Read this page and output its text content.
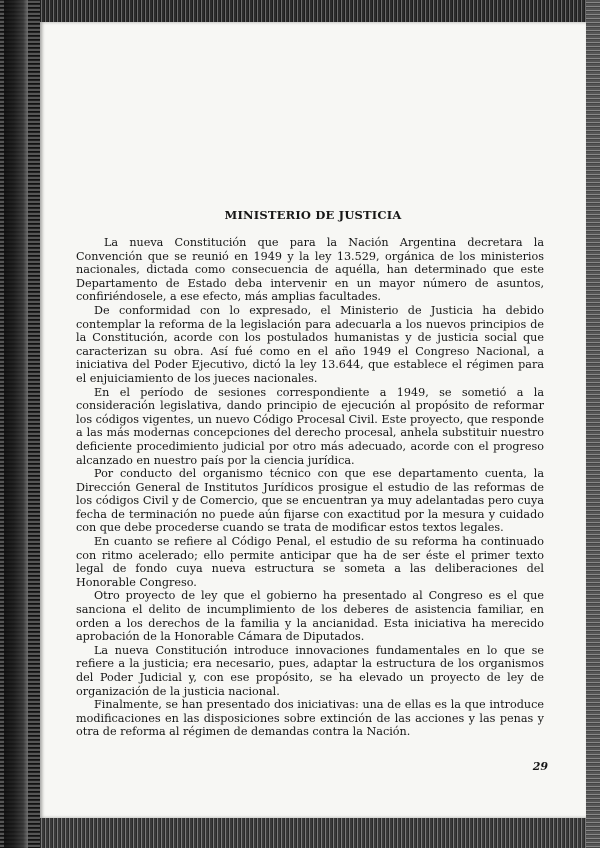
MINISTERIO DE JUSTICIA

La nueva Constitución que para la Nación Argentina decretara la Convención que se reunió en 1949 y la ley 13.529, orgánica de los ministerios nacionales, dictada como consecuencia de aquélla, han determinado que este Departamento de Estado deba intervenir en un mayor número de asuntos, confiriéndosele, a ese efecto, más amplias facultades.

De conformidad con lo expresado, el Ministerio de Justicia ha debido contemplar la reforma de la legislación para adecuarla a los nuevos principios de la Constitución, acorde con los postulados humanistas y de justicia social que caracterizan su obra. Así fué como en el año 1949 el Congreso Nacional, a iniciativa del Poder Ejecutivo, dictó la ley 13.644, que establece el régimen para el enjuiciamiento de los jueces nacionales.

En el período de sesiones correspondiente a 1949, se sometió a la consideración legislativa, dando principio de ejecución al propósito de reformar los códigos vigentes, un nuevo Código Procesal Civil. Este proyecto, que responde a las más modernas concepciones del derecho procesal, anhela substituir nuestro deficiente procedimiento judicial por otro más adecuado, acorde con el progreso alcanzado en nuestro país por la ciencia jurídica.

Por conducto del organismo técnico con que ese departamento cuenta, la Dirección General de Institutos Jurídicos prosigue el estudio de las reformas de los códigos Civil y de Comercio, que se encuentran ya muy adelantadas pero cuya fecha de terminación no puede aún fijarse con exactitud por la mesura y cuidado con que debe procederse cuando se trata de modificar estos textos legales.

En cuanto se refiere al Código Penal, el estudio de su reforma ha continuado con ritmo acelerado; ello permite anticipar que ha de ser éste el primer texto legal de fondo cuya nueva estructura se someta a las deliberaciones del Honorable Congreso.

Otro proyecto de ley que el gobierno ha presentado al Congreso es el que sanciona el delito de incumplimiento de los deberes de asistencia familiar, en orden a los derechos de la familia y la ancianidad. Esta iniciativa ha merecido aprobación de la Honorable Cámara de Diputados.

La nueva Constitución introduce innovaciones fundamentales en lo que se refiere a la justicia; era necesario, pues, adaptar la estructura de los organismos del Poder Judicial y, con ese propósito, se ha elevado un proyecto de ley de organización de la justicia nacional.

Finalmente, se han presentado dos iniciativas: una de ellas es la que introduce modificaciones en las disposiciones sobre extinción de las acciones y las penas y otra de reforma al régimen de demandas contra la Nación.

29
